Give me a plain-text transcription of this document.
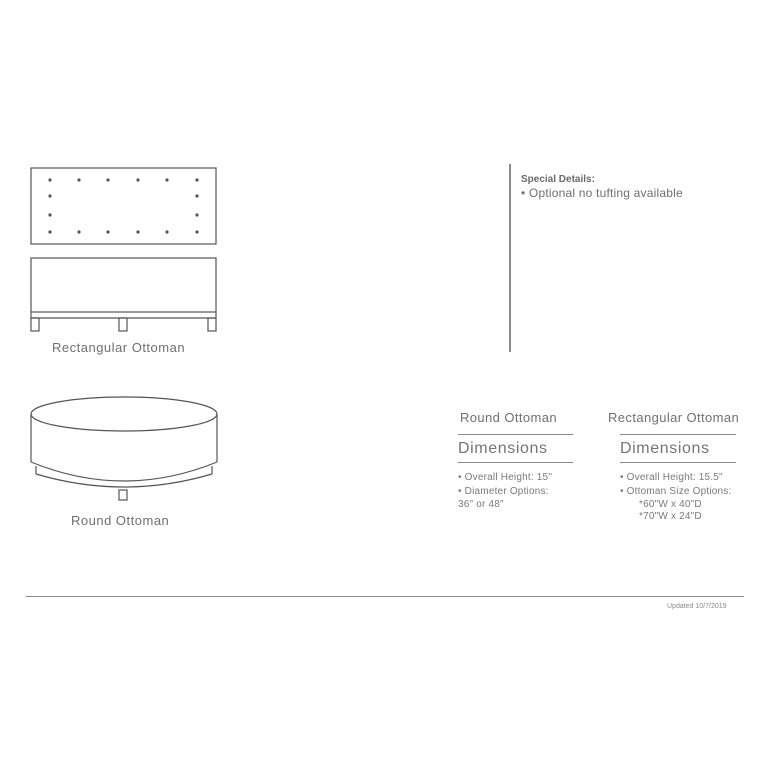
Rectangular Ottoman
Round Ottoman
Special Details:
• Optional no tufting available
Round Ottoman
Dimensions
• Overall Height: 15"
• Diameter Options:
36" or 48"
Rectangular Ottoman
Dimensions
• Overall Height: 15.5"
• Ottoman Size Options:
*60"W x 40"D
*70"W x 24"D
Updated 10/7/2019
